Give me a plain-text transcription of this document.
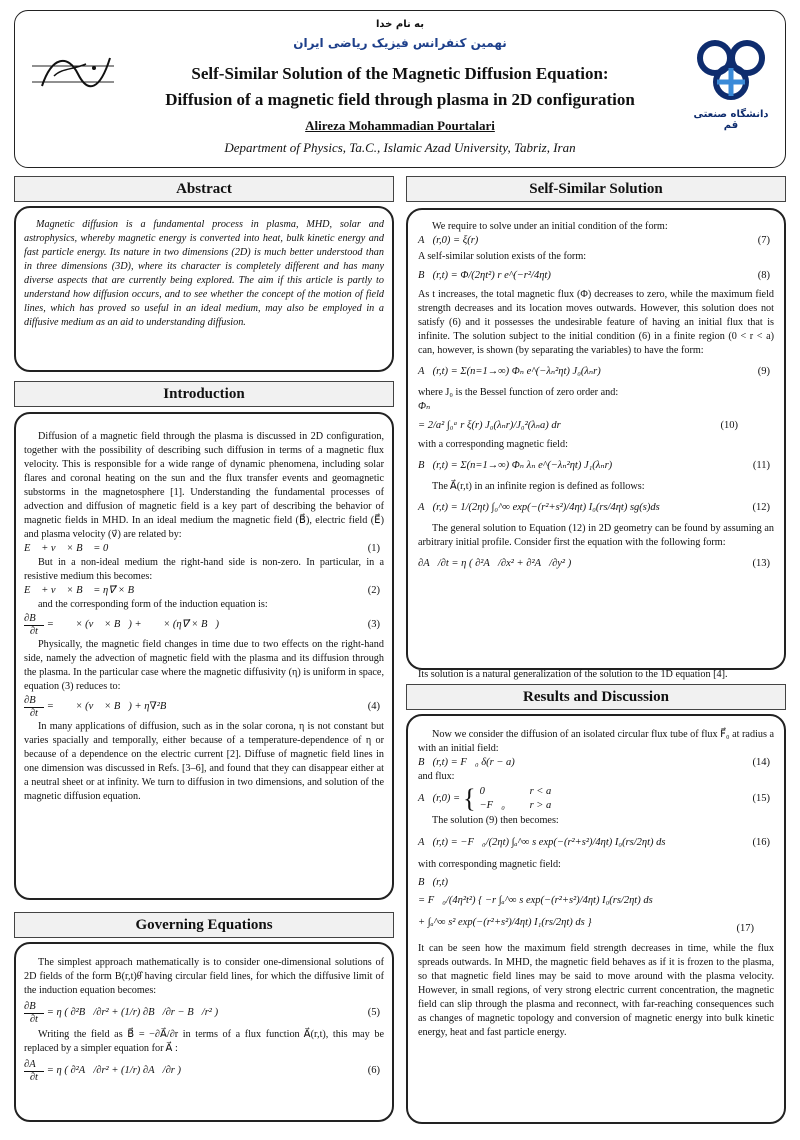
دانشگاه صنعتی قم
به نام خدا
نهمین کنفرانس فیزیک ریاضی ایران
Self-Similar Solution of the Magnetic Diffusion Equation:
Diffusion of a magnetic field through plasma in 2D configuration
Alireza Mohammadian Pourtalari
Department of Physics, Ta.C., Islamic Azad University, Tabriz, Iran
Abstract
Magnetic diffusion is a fundamental process in plasma, MHD, solar and astrophysics, whereby magnetic energy is converted into heat, bulk kinetic energy and fast particle energy. Its nature in two dimensions (2D) is much better understood than in three dimensions (3D), where its character is completely different and has many diverse aspects that are currently being explored. The aim if this article is partly to understand how diffusion occurs, and to see whether the concept of the motion of field lines, which has proved so useful in an ideal medium, may also be employed in a diffusive medium as an aid to understanding diffusion.
Introduction

Diffusion of a magnetic field through the plasma is discussed in 2D configuration, together with the possibility of describing such diffusion in terms of a magnetic flux velocity. This is responsible for a wide range of dynamic phenomena, including solar flares and coronal heating on the sun and the flux transfer events and geomagnetic substorms in the magnetosphere [1]. Understanding the fundamental processes of advection and diffusion of magnetic field is a key part of describing the behavior of magnetic fields in MHD. In an ideal medium the magnetic field (B⃗), electric field (E⃗) and plasma velocity (v⃗) are related by:

E⃗ + v⃗ × B⃗ = 0	(1)

But in a non-ideal medium the right-hand side is non-zero. In particular, in a resistive medium this becomes:

E⃗ + v⃗ × B⃗ = η∇⃗ × B⃗	(2)

and the corresponding form of the induction equation is:

$\frac{\partial B⃗}{\partial t}$ = ∇⃗ × (v⃗ × B⃗) + ∇⃗ × (η∇⃗ × B⃗)	(3)

Physically, the magnetic field changes in time due to two effects on the right-hand side, namely the advection of magnetic field with the plasma and its diffusion through the plasma. In the particular case where the magnetic diffusivity (η) is uniform in space, equation (3) reduces to:

$\frac{\partial B⃗}{\partial t}$ = ∇⃗ × (v⃗ × B⃗) + η∇²B⃗	(4)

In many applications of diffusion, such as in the solar corona, η is not constant but varies spacially and temporally, either because of a temperature-dependence of η or because of a dependence on the electric current [2]. Diffuse of magnetic field lines in one dimension was discussed in Refs. [3–6], and found that they can disappear either at a neutral sheet or at infinity. We turn to diffusion in two dimensions, and solution of the magnetic diffusion equation.

Governing Equations

The simplest approach mathematically is to consider one-dimensional solutions of 2D fields of the form B(r,t)θ̂ having circular field lines, for which the diffusive limit of the induction equation becomes:

$\frac{\partial B⃗}{\partial t} = \eta$ ( ∂²B⃗/∂r² + (1/r) ∂B⃗/∂r − B⃗/r² )	(5)

Writing the field as B⃗ = −∂A⃗/∂r in terms of a flux function A⃗(r,t), this may be replaced by a simpler equation for A⃗ :

$\frac{\partial A⃗}{\partial t} = \eta$ ( ∂²A⃗/∂r² + (1/r) ∂A⃗/∂r )	(6)
Self-Similar Solution

We require to solve under an initial condition of the form:

A⃗(r,0) = ξ(r)	(7)

A self-similar solution exists of the form:

B⃗(r,t) = Φ/(2ηt²) r e^(−r²/4ηt)	(8)

As t increases, the total magnetic flux (Φ) decreases to zero, while the maximum field strength decreases and its location moves outwards. However, this solution does not satisfy (6) and it possesses the undesirable feature of having an initial flux that is infinite. The solution subject to the initial condition (6) in a finite region (0 < r < a) can, however, is shown (by separating the variables) to have the form:

A⃗(r,t) = Σ(n=1→∞) Φₙ e^(−λₙ²ηt) J₀(λₙr)	(9)

where J₀ is the Bessel function of zero order and:

Φₙ
= 2/a² ∫₀ᵃ r ξ(r) J₀(λₙr)/J₀²(λₙa) dr	(10)

with a corresponding magnetic field:

B⃗(r,t) = Σ(n=1→∞) Φₙ λₙ e^(−λₙ²ηt) J₁(λₙr)	(11)

The A⃗(r,t) in an infinite region is defined as follows:

A⃗(r,t) = 1/(2ηt) ∫₀^∞ exp(−(r²+s²)/4ηt) I₀(rs/4ηt) sg(s)ds	(12)

The general solution to Equation (12) in 2D geometry can be found by assuming an arbitrary initial profile. Consider first the equation with the following form:

∂A⃗/∂t = η ( ∂²A⃗/∂x² + ∂²A⃗/∂y² )	(13)
Its solution is a natural generalization of the solution to the 1D equation [4].
Results and Discussion

Now we consider the diffusion of an isolated circular flux tube of flux F⃗₀ at radius a with an initial field:

B⃗(r,t) = F⃗₀ δ(r − a)	(14)

and flux:

A⃗(r,0) = { 0	r < a
−F⃗₀	r > a
(15)

The solution (9) then becomes:

A⃗(r,t) = −F⃗₀/(2ηt) ∫ₐ^∞ s exp(−(r²+s²)/4ηt) I₀(rs/2ηt) ds	(16)

with corresponding magnetic field:

B⃗(r,t)
= F⃗₀/(4η²t²) { −r ∫ₐ^∞ s exp(−(r²+s²)/4ηt) I₀(rs/2ηt) ds
+ ∫ₐ^∞ s² exp(−(r²+s²)/4ηt) I₁(rs/2ηt) ds }
(17)

It can be seen how the maximum field strength decreases in time, while the flux spreads outwards. In MHD, the magnetic field behaves as if it is frozen to the plasma, so that magnetic field lines may be said to move around with the plasma velocity. However, in small regions, of very strong electric current concentration, the magnetic field can slip through the plasma and reconnect, with far-reaching consequences such as changes of magnetic topology and conversion of magnetic energy into bulk kinetic energy, heat and fast particle energy.
